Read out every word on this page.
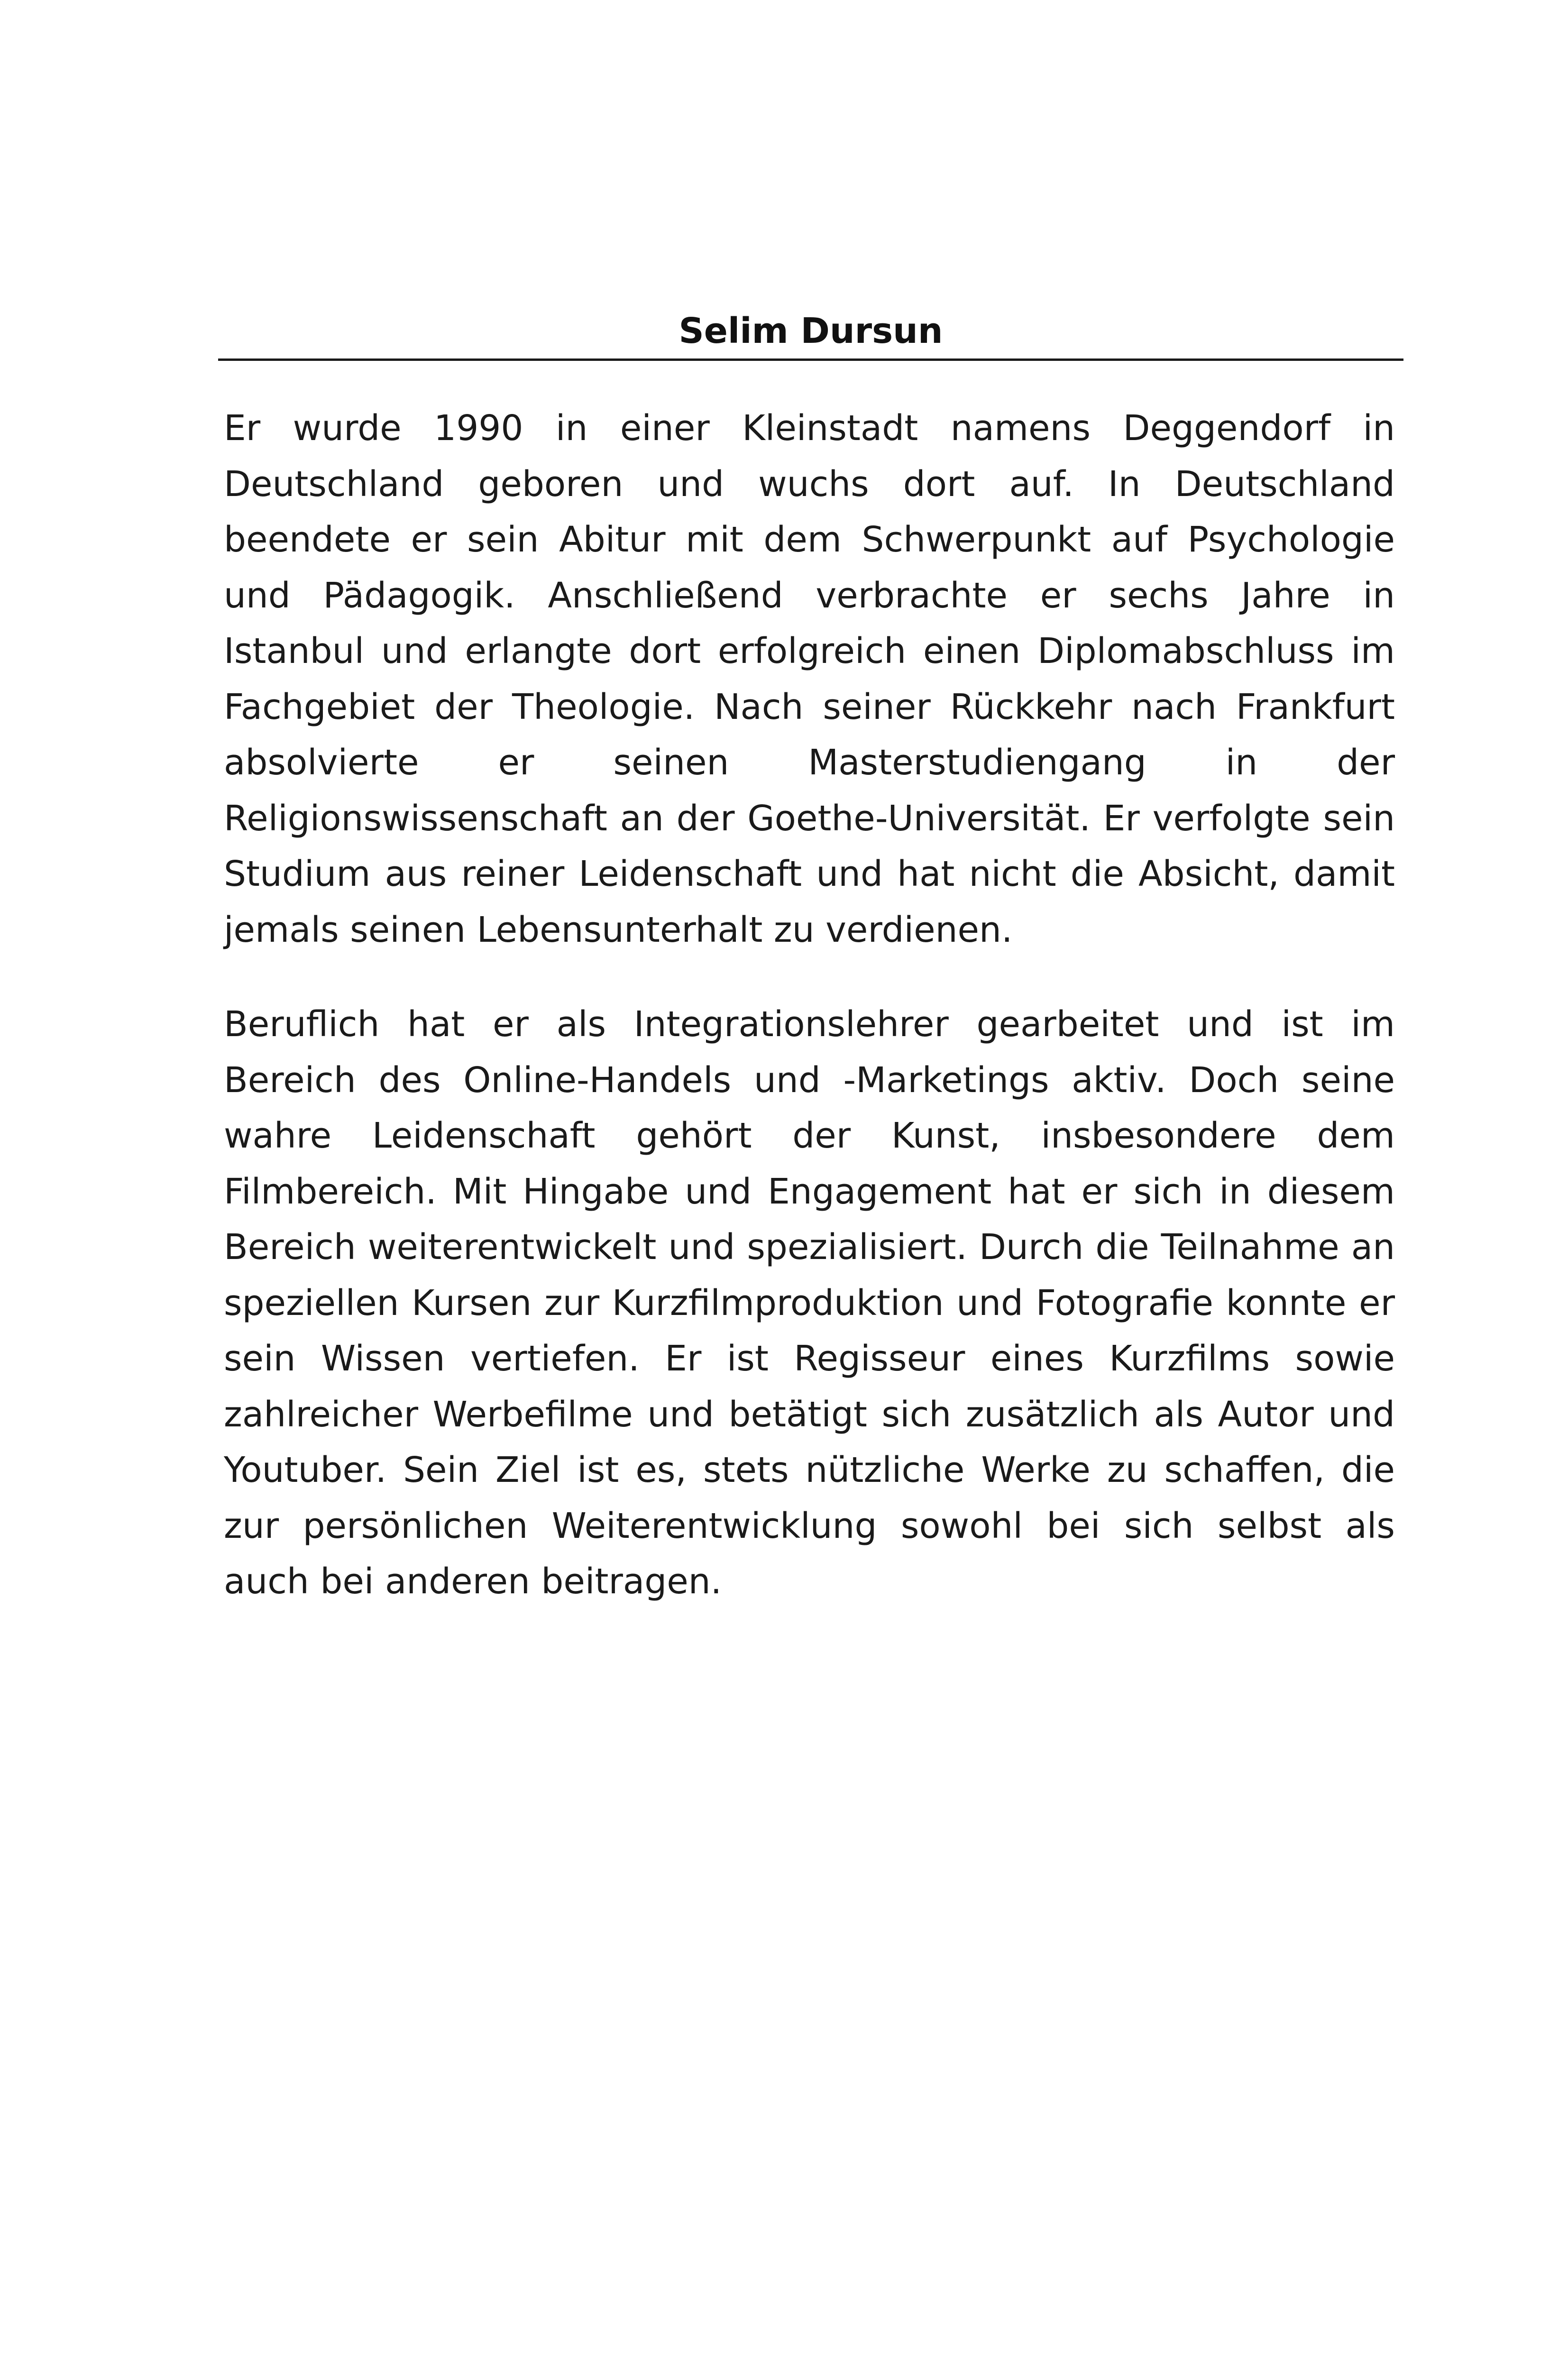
Selim Dursun

Er wurde 1990 in einer Kleinstadt namens Deggendorf in Deutschland geboren und wuchs dort auf. In Deutschland beendete er sein Abitur mit dem Schwerpunkt auf Psychologie und Pädagogik. Anschließend verbrachte er sechs Jahre in Istanbul und erlangte dort erfolgreich einen Diplomabschluss im Fachgebiet der Theologie. Nach seiner Rückkehr nach Frankfurt absolvierte er seinen Masterstudiengang in der Religionswissenschaft an der Goethe-Universität. Er verfolgte sein Studium aus reiner Leidenschaft und hat nicht die Absicht, damit jemals seinen Lebensunterhalt zu verdienen.

Beruflich hat er als Integrationslehrer gearbeitet und ist im Bereich des Online-Handels und -Marketings aktiv. Doch seine wahre Leidenschaft gehört der Kunst, insbesondere dem Filmbereich. Mit Hingabe und Engagement hat er sich in diesem Bereich weiterentwickelt und spezialisiert. Durch die Teilnahme an speziellen Kursen zur Kurzfilmproduktion und Fotografie konnte er sein Wissen vertiefen. Er ist Regisseur eines Kurzfilms sowie zahlreicher Werbefilme und betätigt sich zusätzlich als Autor und Youtuber. Sein Ziel ist es, stets nützliche Werke zu schaffen, die zur persönlichen Weiterentwicklung sowohl bei sich selbst als auch bei anderen beitragen.
